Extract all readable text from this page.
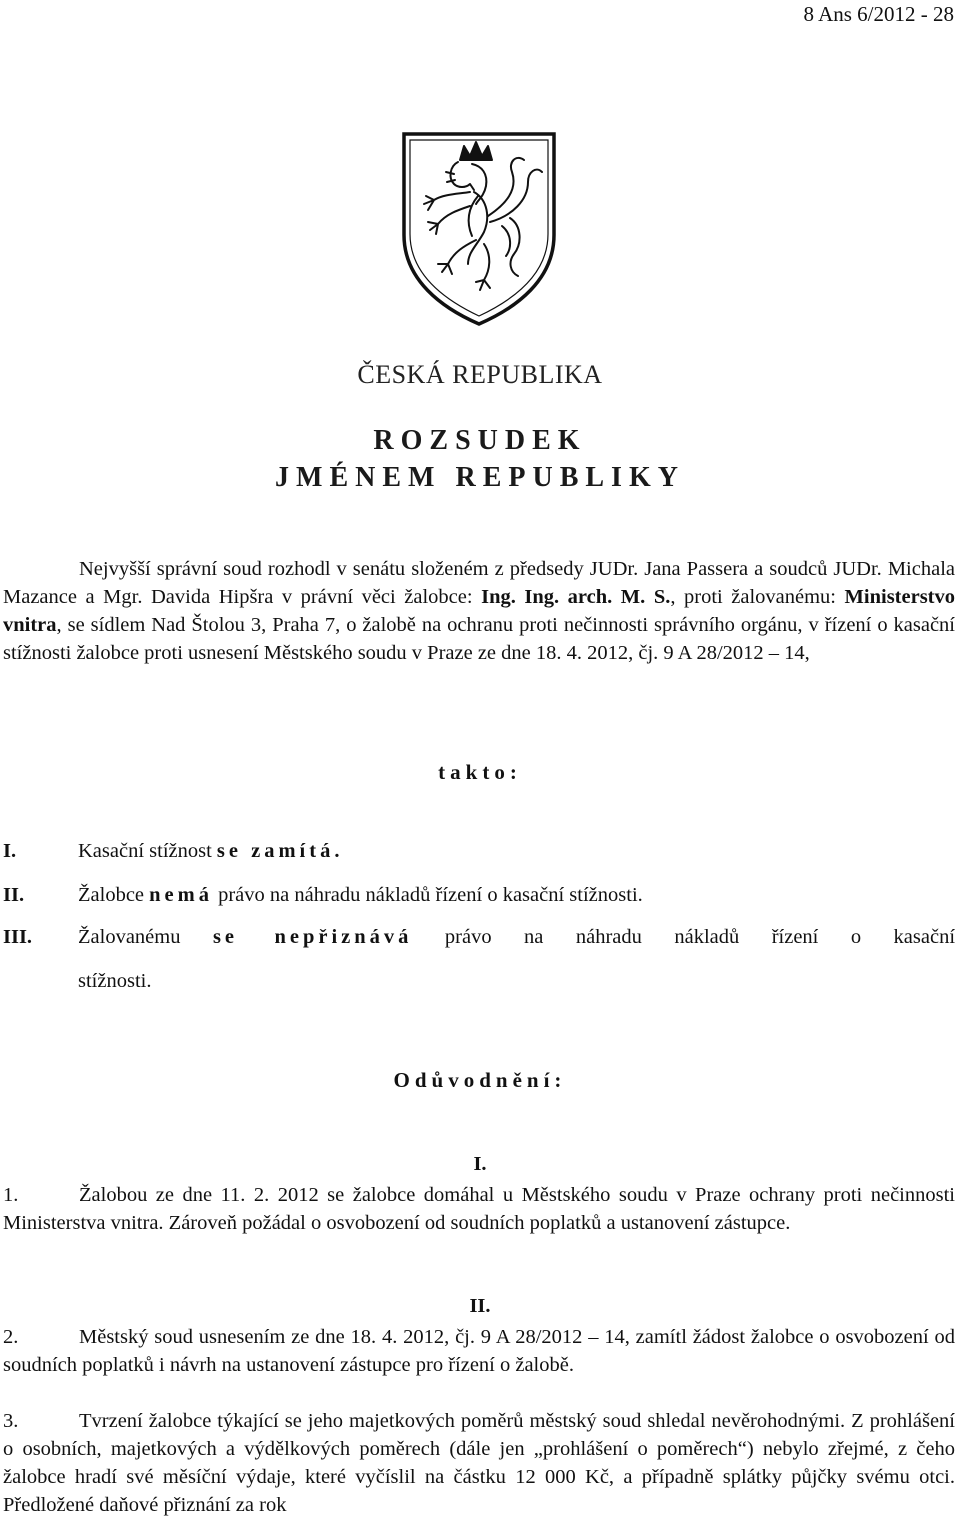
8 Ans 6/2012 - 28
ČESKÁ REPUBLIKA
ROZSUDEK
JMÉNEM REPUBLIKY
Nejvyšší správní soud rozhodl v senátu složeném z předsedy JUDr. Jana Passera a soudců JUDr. Michala Mazance a Mgr. Davida Hipšra v právní věci žalobce: Ing. Ing. arch. M. S., proti žalovanému: Ministerstvo vnitra, se sídlem Nad Štolou 3, Praha 7, o žalobě na ochranu proti nečinnosti správního orgánu, v řízení o kasační stížnosti žalobce proti usnesení Městského soudu v Praze ze dne 18. 4. 2012, čj. 9 A 28/2012 – 14,
takto:
I.	Kasační stížnost se zamítá.
II.	Žalobce nemá právo na náhradu nákladů řízení o kasační stížnosti.
III. Žalovanému se nepřiznává právo na náhradu nákladů řízení o kasační
stížnosti.
Odůvodnění:
I.
1.	Žalobou ze dne 11. 2. 2012 se žalobce domáhal u Městského soudu v Praze ochrany proti nečinnosti Ministerstva vnitra. Zároveň požádal o osvobození od soudních poplatků a ustanovení zástupce.
II.
2.	Městský soud usnesením ze dne 18. 4. 2012, čj. 9 A 28/2012 – 14, zamítl žádost žalobce o osvobození od soudních poplatků i návrh na ustanovení zástupce pro řízení o žalobě.
3.	Tvrzení žalobce týkající se jeho majetkových poměrů městský soud shledal nevěrohodnými. Z prohlášení o osobních, majetkových a výdělkových poměrech (dále jen „prohlášení o poměrech“) nebylo zřejmé, z čeho žalobce hradí své měsíční výdaje, které vyčíslil na částku 12 000 Kč, a případně splátky půjčky svému otci. Předložené daňové přiznání za rok
